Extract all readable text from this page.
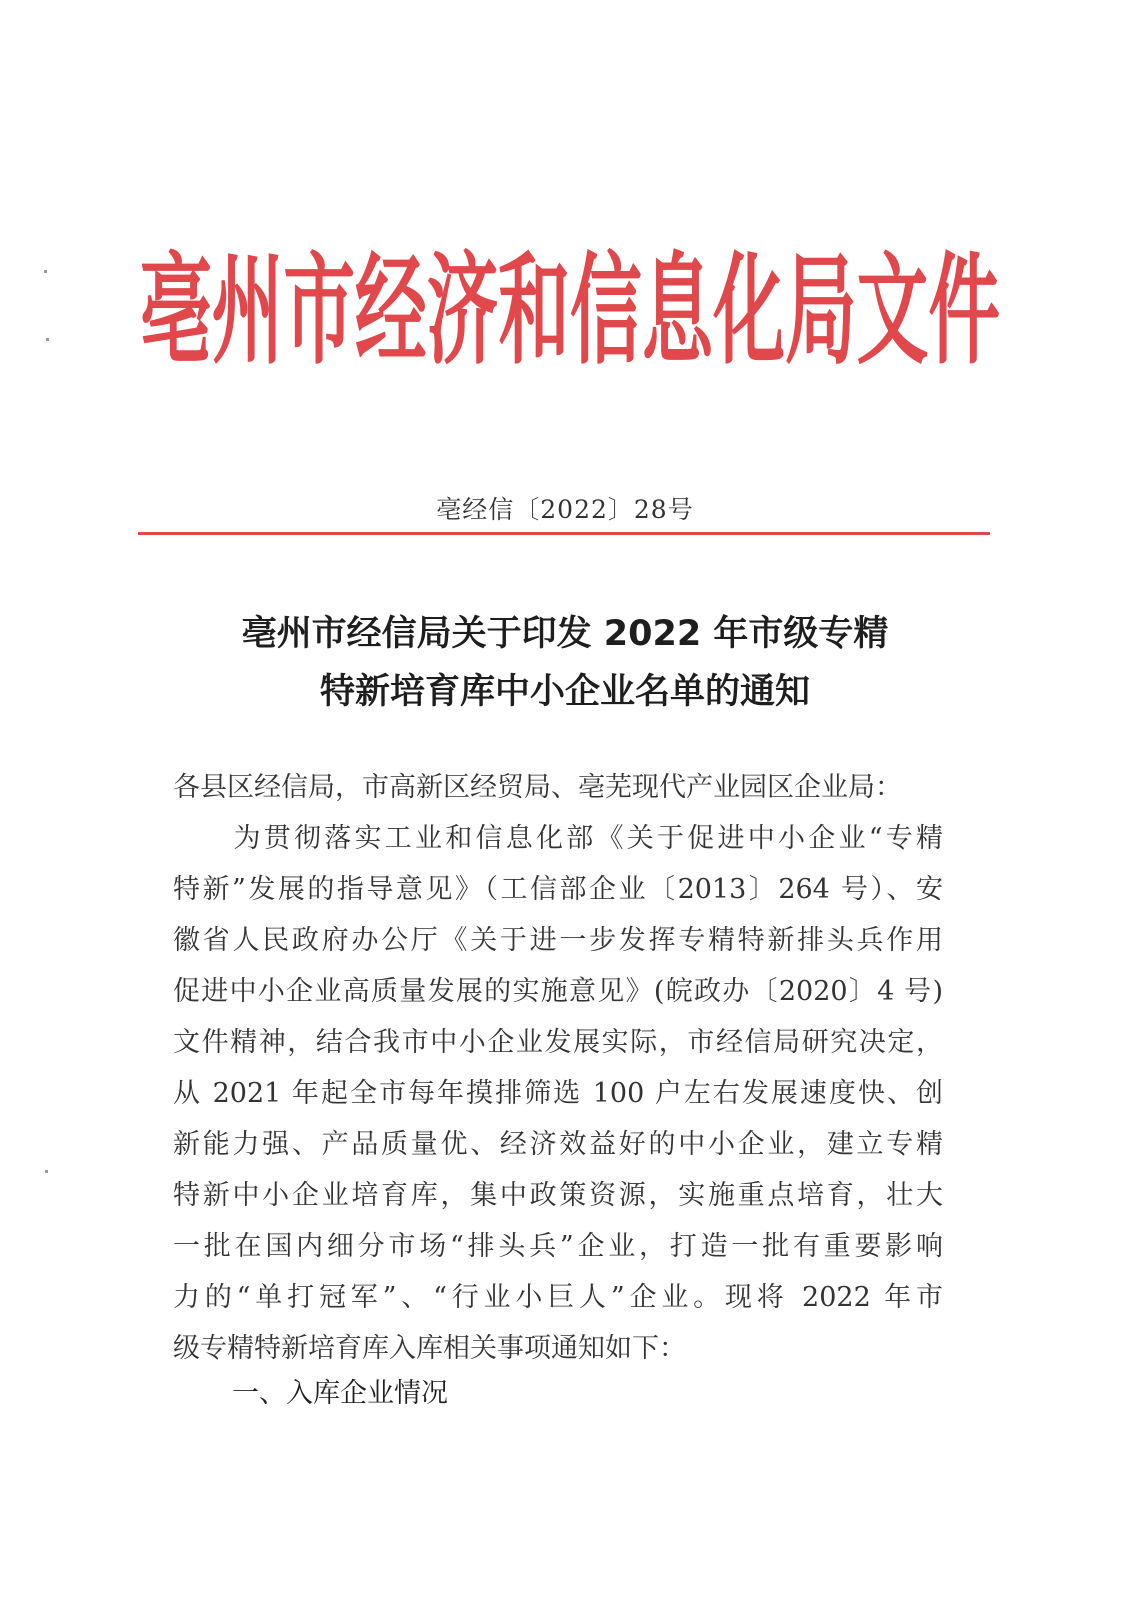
亳州市经济和信息化局文件
亳经信〔2022〕28号
亳州市经信局关于印发 2022 年市级专精
特新培育库中小企业名单的通知
各县区经信局，市高新区经贸局、亳芜现代产业园区企业局：
　　为贯彻落实工业和信息化部《关于促进中小企业“专精
特新”发展的指导意见》（工信部企业〔2013〕264 号）、安
徽省人民政府办公厅《关于进一步发挥专精特新排头兵作用
促进中小企业高质量发展的实施意见》(皖政办〔2020〕4 号)
文件精神，结合我市中小企业发展实际，市经信局研究决定，
从 2021 年起全市每年摸排筛选 100 户左右发展速度快、创
新能力强、产品质量优、经济效益好的中小企业，建立专精
特新中小企业培育库，集中政策资源，实施重点培育，壮大
一批在国内细分市场“排头兵”企业，打造一批有重要影响
力的“单打冠军”、“行业小巨人”企业。现将 2022 年市
级专精特新培育库入库相关事项通知如下：
一、入库企业情况
